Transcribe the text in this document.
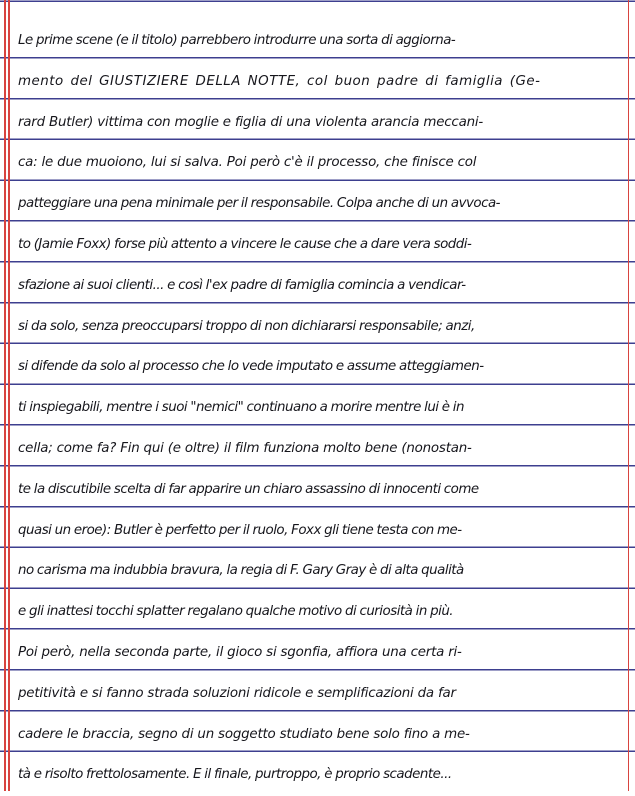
Le prime scene (e il titolo) parrebbero introdurre una sorta di aggiorna-
mento del GIUSTIZIERE DELLA NOTTE, col buon padre di famiglia (Ge-
rard Butler) vittima con moglie e figlia di una violenta arancia meccani-
ca: le due muoiono, lui si salva. Poi però c'è il processo, che finisce col
patteggiare una pena minimale per il responsabile. Colpa anche di un avvoca-
to (Jamie Foxx) forse più attento a vincere le cause che a dare vera soddi-
sfazione ai suoi clienti... e così l'ex padre di famiglia comincia a vendicar-
si da solo, senza preoccuparsi troppo di non dichiararsi responsabile; anzi,
si difende da solo al processo che lo vede imputato e assume atteggiamen-
ti inspiegabili, mentre i suoi "nemici" continuano a morire mentre lui è in
cella; come fa? Fin qui (e oltre) il film funziona molto bene (nonostan-
te la discutibile scelta di far apparire un chiaro assassino di innocenti come
quasi un eroe): Butler è perfetto per il ruolo, Foxx gli tiene testa con me-
no carisma ma indubbia bravura, la regia di F. Gary Gray è di alta qualità
e gli inattesi tocchi splatter regalano qualche motivo di curiosità in più.
Poi però, nella seconda parte, il gioco si sgonfia, affiora una certa ri-
petitività e si fanno strada soluzioni ridicole e semplificazioni da far
cadere le braccia, segno di un soggetto studiato bene solo fino a me-
tà e risolto frettolosamente. E il finale, purtroppo, è proprio scadente...
